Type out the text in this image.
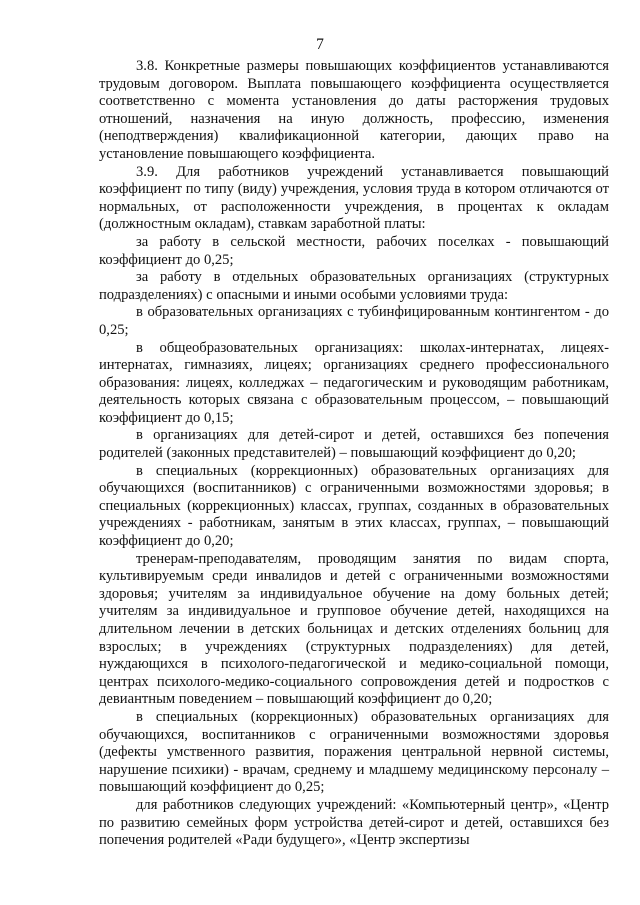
7

3.8. Конкретные размеры повышающих коэффициентов устанавливаются трудовым договором. Выплата повышающего коэффициента осуществляется соответственно с момента установления до даты расторжения трудовых отношений, назначения на иную должность, профессию, изменения (неподтверждения) квалификационной категории, дающих право на установление повышающего коэффициента.

3.9. Для работников учреждений устанавливается повышающий коэффициент по типу (виду) учреждения, условия труда в котором отличаются от нормальных, от расположенности учреждения, в процентах к окладам (должностным окладам), ставкам заработной платы:

за работу в сельской местности, рабочих поселках - повышающий коэффициент до 0,25;

за работу в отдельных образовательных организациях (структурных подразделениях) с опасными и иными особыми условиями труда:

в образовательных организациях с тубинфицированным контингентом - до 0,25;

в общеобразовательных организациях: школах-интернатах, лицеях-интернатах, гимназиях, лицеях; организациях среднего профессионального образования: лицеях, колледжах – педагогическим и руководящим работникам, деятельность которых связана с образовательным процессом, – повышающий коэффициент до 0,15;

в организациях для детей-сирот и детей, оставшихся без попечения родителей (законных представителей) – повышающий коэффициент до 0,20;

в специальных (коррекционных) образовательных организациях для обучающихся (воспитанников) с ограниченными возможностями здоровья; в специальных (коррекционных) классах, группах, созданных в образовательных учреждениях - работникам, занятым в этих классах, группах, – повышающий коэффициент до 0,20;

тренерам-преподавателям, проводящим занятия по видам спорта, культивируемым среди инвалидов и детей с ограниченными возможностями здоровья; учителям за индивидуальное обучение на дому больных детей; учителям за индивидуальное и групповое обучение детей, находящихся на длительном лечении в детских больницах и детских отделениях больниц для взрослых; в учреждениях (структурных подразделениях) для детей, нуждающихся в психолого-педагогической и медико-социальной помощи, центрах психолого-медико-социального сопровождения детей и подростков с девиантным поведением – повышающий коэффициент до 0,20;

в специальных (коррекционных) образовательных организациях для обучающихся, воспитанников с ограниченными возможностями здоровья (дефекты умственного развития, поражения центральной нервной системы, нарушение психики) - врачам, среднему и младшему медицинскому персоналу – повышающий коэффициент до 0,25;

для работников следующих учреждений: «Компьютерный центр», «Центр по развитию семейных форм устройства детей-сирот и детей, оставшихся без попечения родителей «Ради будущего», «Центр экспертизы
